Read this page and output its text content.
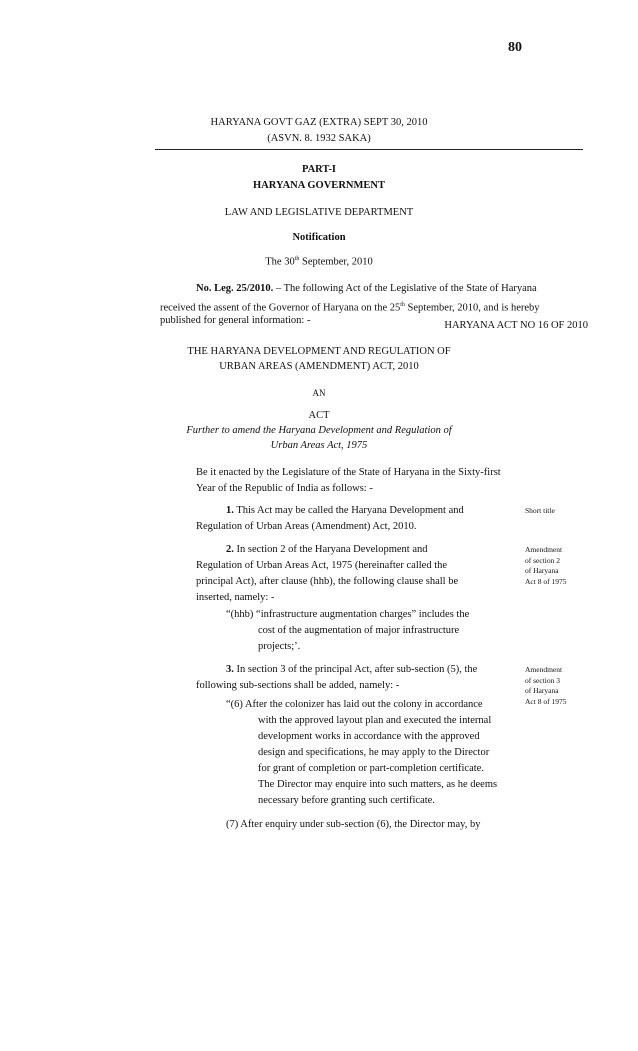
80
HARYANA GOVT GAZ (EXTRA) SEPT 30, 2010
(ASVN. 8. 1932 SAKA)
PART-I
HARYANA GOVERNMENT
LAW AND LEGISLATIVE DEPARTMENT
Notification
The 30th September, 2010
No. Leg. 25/2010. – The following Act of the Legislative of the State of Haryana
received the assent of the Governor of Haryana on the 25th September, 2010, and is hereby
published for general information: -	HARYANA ACT NO 16 OF 2010
THE HARYANA DEVELOPMENT AND REGULATION OF
URBAN AREAS (AMENDMENT) ACT, 2010
AN
ACT
Further to amend the Haryana Development and Regulation of
Urban Areas Act, 1975
Be it enacted by the Legislature of the State of Haryana in the Sixty-first
Year of the Republic of India as follows: -
1. This Act may be called the Haryana Development and
Regulation of Urban Areas (Amendment) Act, 2010.
Short title
2. In section 2 of the Haryana Development and
Regulation of Urban Areas Act, 1975 (hereinafter called the
principal Act), after clause (hhb), the following clause shall be
inserted, namely: -
Amendment
of section 2
of Haryana
Act 8 of 1975
“(hhb) “infrastructure augmentation charges” includes the
cost of the augmentation of major infrastructure
projects;’.
3. In section 3 of the principal Act, after sub-section (5), the
following sub-sections shall be added, namely: -
Amendment
of section 3
of Haryana
Act 8 of 1975
“(6) After the colonizer has laid out the colony in accordance
with the approved layout plan and executed the internal
development works in accordance with the approved
design and specifications, he may apply to the Director
for grant of completion or part-completion certificate.
The Director may enquire into such matters, as he deems
necessary before granting such certificate.
(7) After enquiry under sub-section (6), the Director may, by
